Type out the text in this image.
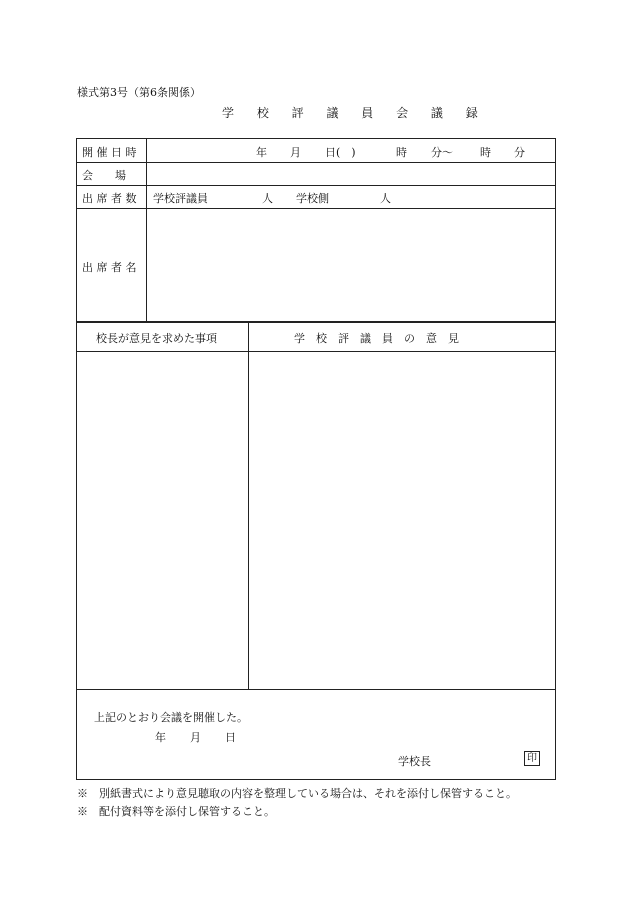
様式第3号（第6条関係）
学 校 評 議 員 会 議 録
開 催 日 時	年 月 日(　)	時 分～ 時 分
会　　場
出 席 者 数 学校評議員	人 学校側	人
出 席 者 名
校長が意見を求めた事項	学　校　評　議　員　の　意　見
上記のとおり会議を開催した。
年 月 日
学校長	印
※　別紙書式により意見聴取の内容を整理している場合は、それを添付し保管すること。
※　配付資料等を添付し保管すること。
